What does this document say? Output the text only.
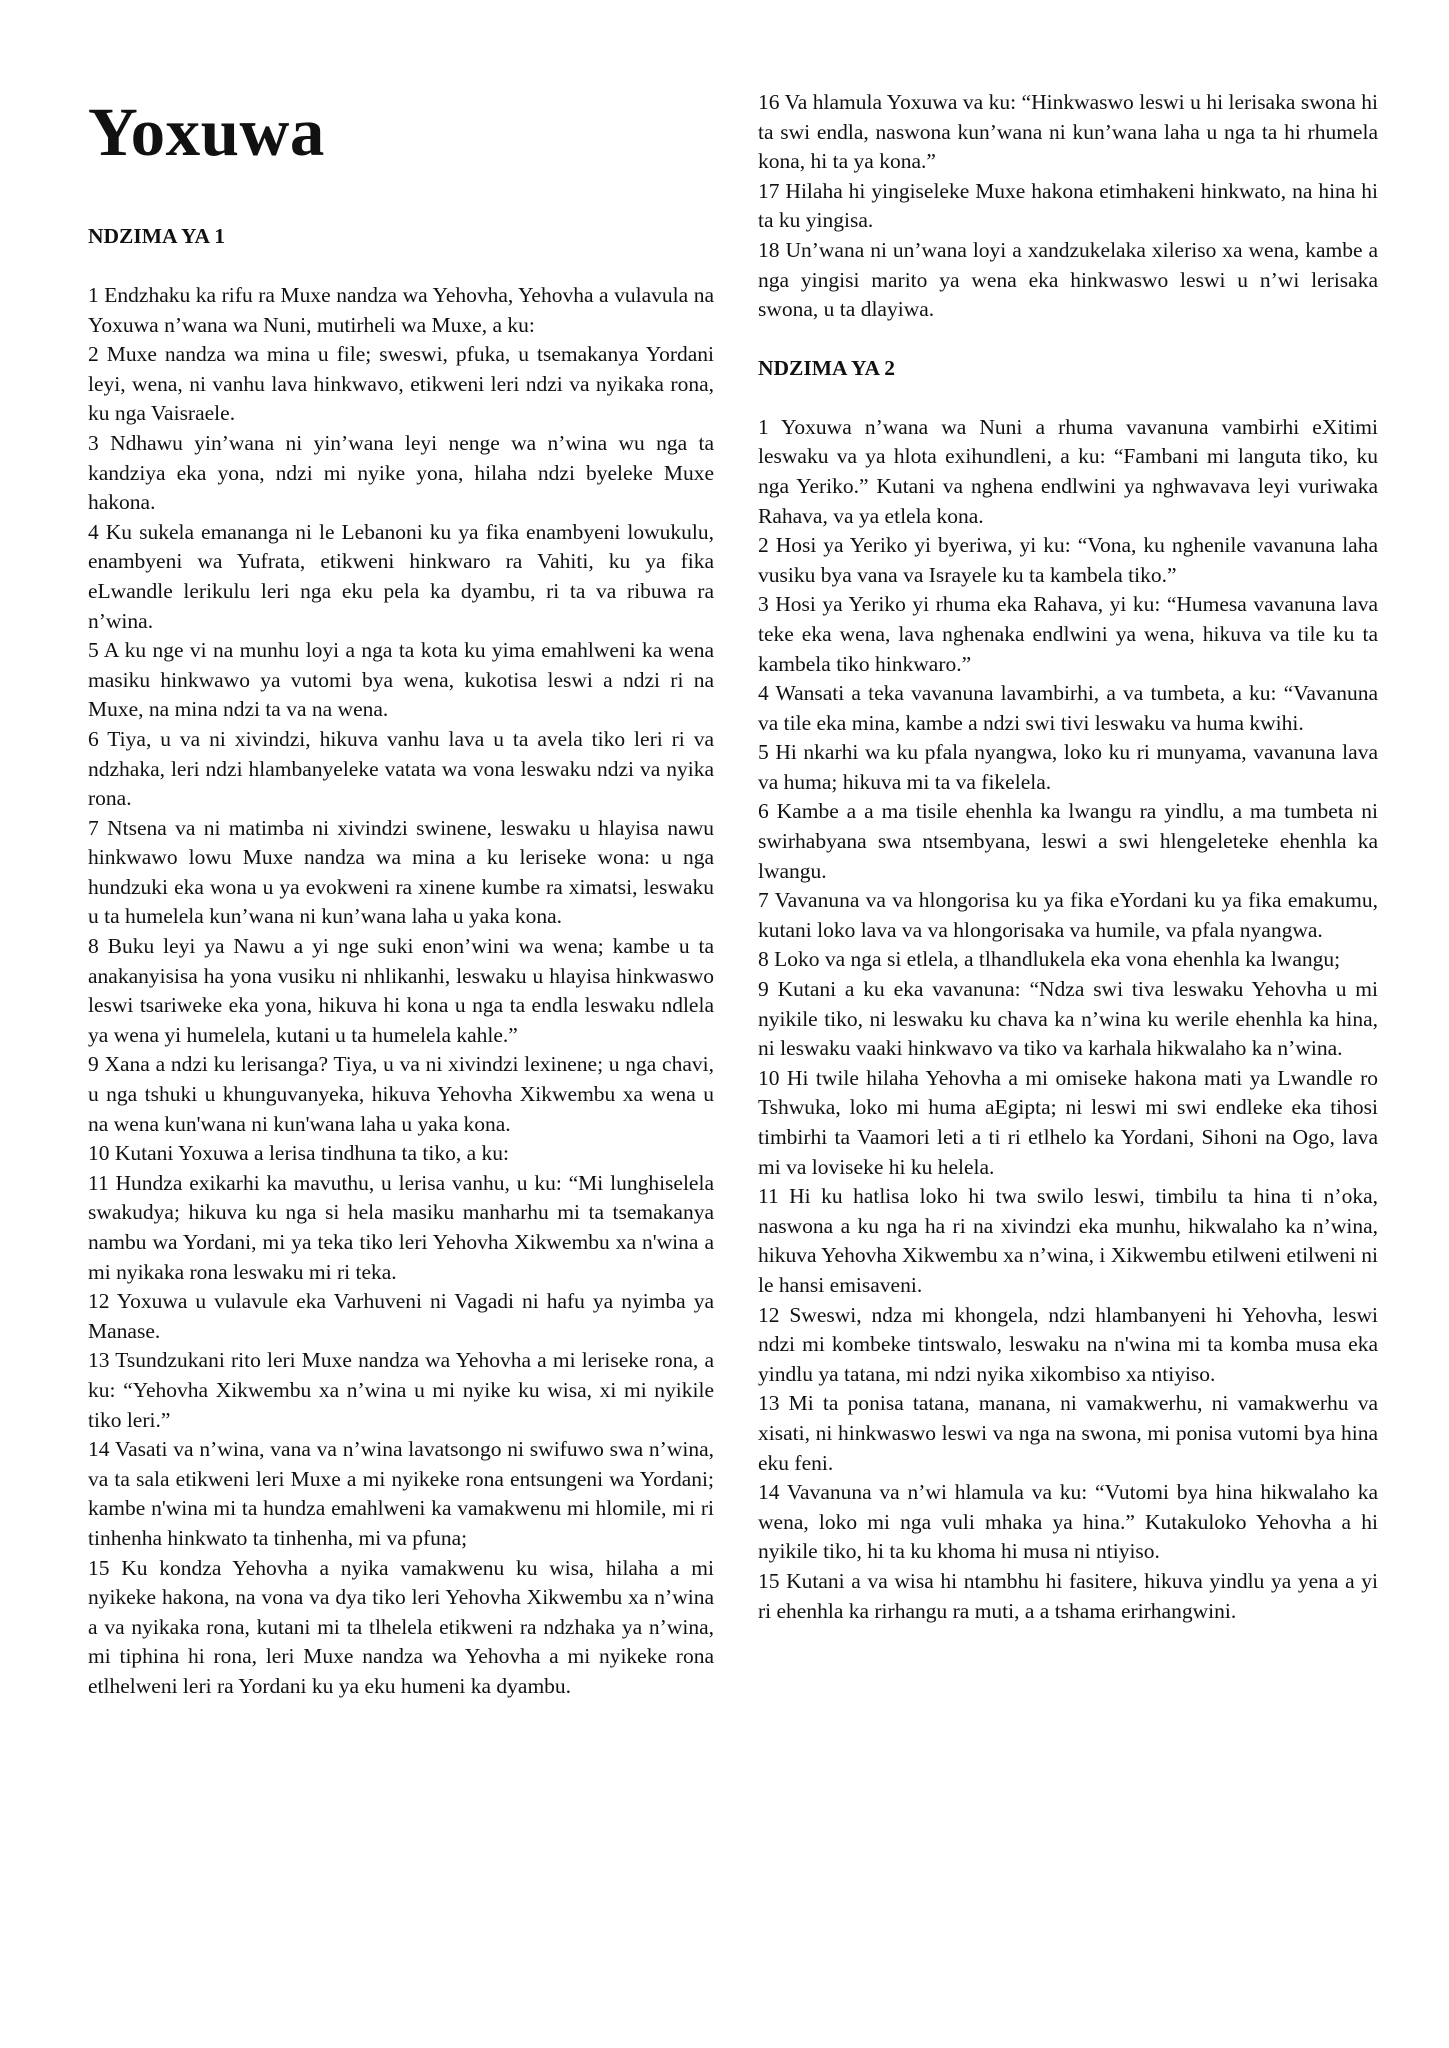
Yoxuwa
NDZIMA YA 1

1 Endzhaku ka rifu ra Muxe nandza wa Yehovha, Yehovha a vulavula na Yoxuwa n’wana wa Nuni, mutirheli wa Muxe, a ku:

2 Muxe nandza wa mina u file; sweswi, pfuka, u tsemakanya Yordani leyi, wena, ni vanhu lava hinkwavo, etikweni leri ndzi va nyikaka rona, ku nga Vaisraele.

3 Ndhawu yin’wana ni yin’wana leyi nenge wa n’wina wu nga ta kandziya eka yona, ndzi mi nyike yona, hilaha ndzi byeleke Muxe hakona.

4 Ku sukela emananga ni le Lebanoni ku ya fika enambyeni lowukulu, enambyeni wa Yufrata, etikweni hinkwaro ra Vahiti, ku ya fika eLwandle lerikulu leri nga eku pela ka dyambu, ri ta va ribuwa ra n’wina.

5 A ku nge vi na munhu loyi a nga ta kota ku yima emahlweni ka wena masiku hinkwawo ya vutomi bya wena, kukotisa leswi a ndzi ri na Muxe, na mina ndzi ta va na wena.

6 Tiya, u va ni xivindzi, hikuva vanhu lava u ta avela tiko leri ri va ndzhaka, leri ndzi hlambanyeleke vatata wa vona leswaku ndzi va nyika rona.

7 Ntsena va ni matimba ni xivindzi swinene, leswaku u hlayisa nawu hinkwawo lowu Muxe nandza wa mina a ku leriseke wona: u nga hundzuki eka wona u ya evokweni ra xinene kumbe ra ximatsi, leswaku u ta humelela kun’wana ni kun’wana laha u yaka kona.

8 Buku leyi ya Nawu a yi nge suki enon’wini wa wena; kambe u ta anakanyisisa ha yona vusiku ni nhlikanhi, leswaku u hlayisa hinkwaswo leswi tsariweke eka yona, hikuva hi kona u nga ta endla leswaku ndlela ya wena yi humelela, kutani u ta humelela kahle.”

9 Xana a ndzi ku lerisanga? Tiya, u va ni xivindzi lexinene; u nga chavi, u nga tshuki u khunguvanyeka, hikuva Yehovha Xikwembu xa wena u na wena kun'wana ni kun'wana laha u yaka kona.

10 Kutani Yoxuwa a lerisa tindhuna ta tiko, a ku:

11 Hundza exikarhi ka mavuthu, u lerisa vanhu, u ku: “Mi lunghiselela swakudya; hikuva ku nga si hela masiku manharhu mi ta tsemakanya nambu wa Yordani, mi ya teka tiko leri Yehovha Xikwembu xa n'wina a mi nyikaka rona leswaku mi ri teka.

12 Yoxuwa u vulavule eka Varhuveni ni Vagadi ni hafu ya nyimba ya Manase.

13 Tsundzukani rito leri Muxe nandza wa Yehovha a mi leriseke rona, a ku: “Yehovha Xikwembu xa n’wina u mi nyike ku wisa, xi mi nyikile tiko leri.”

14 Vasati va n’wina, vana va n’wina lavatsongo ni swifuwo swa n’wina, va ta sala etikweni leri Muxe a mi nyikeke rona entsungeni wa Yordani; kambe n'wina mi ta hundza emahlweni ka vamakwenu mi hlomile, mi ri tinhenha hinkwato ta tinhenha, mi va pfuna;

15 Ku kondza Yehovha a nyika vamakwenu ku wisa, hilaha a mi nyikeke hakona, na vona va dya tiko leri Yehovha Xikwembu xa n’wina a va nyikaka rona, kutani mi ta tlhelela etikweni ra ndzhaka ya n’wina, mi tiphina hi rona, leri Muxe nandza wa Yehovha a mi nyikeke rona etlhelweni leri ra Yordani ku ya eku humeni ka dyambu.

16 Va hlamula Yoxuwa va ku: “Hinkwaswo leswi u hi lerisaka swona hi ta swi endla, naswona kun’wana ni kun’wana laha u nga ta hi rhumela kona, hi ta ya kona.”

17 Hilaha hi yingiseleke Muxe hakona etimhakeni hinkwato, na hina hi ta ku yingisa.

18 Un’wana ni un’wana loyi a xandzukelaka xileriso xa wena, kambe a nga yingisi marito ya wena eka hinkwaswo leswi u n’wi lerisaka swona, u ta dlayiwa.

NDZIMA YA 2

1 Yoxuwa n’wana wa Nuni a rhuma vavanuna vambirhi eXitimi leswaku va ya hlota exihundleni, a ku: “Fambani mi languta tiko, ku nga Yeriko.” Kutani va nghena endlwini ya nghwavava leyi vuriwaka Rahava, va ya etlela kona.

2 Hosi ya Yeriko yi byeriwa, yi ku: “Vona, ku nghenile vavanuna laha vusiku bya vana va Israyele ku ta kambela tiko.”

3 Hosi ya Yeriko yi rhuma eka Rahava, yi ku: “Humesa vavanuna lava teke eka wena, lava nghenaka endlwini ya wena, hikuva va tile ku ta kambela tiko hinkwaro.”

4 Wansati a teka vavanuna lavambirhi, a va tumbeta, a ku: “Vavanuna va tile eka mina, kambe a ndzi swi tivi leswaku va huma kwihi.

5 Hi nkarhi wa ku pfala nyangwa, loko ku ri munyama, vavanuna lava va huma; hikuva mi ta va fikelela.

6 Kambe a a ma tisile ehenhla ka lwangu ra yindlu, a ma tumbeta ni swirhabyana swa ntsembyana, leswi a swi hlengeleteke ehenhla ka lwangu.

7 Vavanuna va va hlongorisa ku ya fika eYordani ku ya fika emakumu, kutani loko lava va va hlongorisaka va humile, va pfala nyangwa.

8 Loko va nga si etlela, a tlhandlukela eka vona ehenhla ka lwangu;

9 Kutani a ku eka vavanuna: “Ndza swi tiva leswaku Yehovha u mi nyikile tiko, ni leswaku ku chava ka n’wina ku werile ehenhla ka hina, ni leswaku vaaki hinkwavo va tiko va karhala hikwalaho ka n’wina.

10 Hi twile hilaha Yehovha a mi omiseke hakona mati ya Lwandle ro Tshwuka, loko mi huma aEgipta; ni leswi mi swi endleke eka tihosi timbirhi ta Vaamori leti a ti ri etlhelo ka Yordani, Sihoni na Ogo, lava mi va loviseke hi ku helela.

11 Hi ku hatlisa loko hi twa swilo leswi, timbilu ta hina ti n’oka, naswona a ku nga ha ri na xivindzi eka munhu, hikwalaho ka n’wina, hikuva Yehovha Xikwembu xa n’wina, i Xikwembu etilweni etilweni ni le hansi emisaveni.

12 Sweswi, ndza mi khongela, ndzi hlambanyeni hi Yehovha, leswi ndzi mi kombeke tintswalo, leswaku na n'wina mi ta komba musa eka yindlu ya tatana, mi ndzi nyika xikombiso xa ntiyiso.

13 Mi ta ponisa tatana, manana, ni vamakwerhu, ni vamakwerhu va xisati, ni hinkwaswo leswi va nga na swona, mi ponisa vutomi bya hina eku feni.

14 Vavanuna va n’wi hlamula va ku: “Vutomi bya hina hikwalaho ka wena, loko mi nga vuli mhaka ya hina.” Kutakuloko Yehovha a hi nyikile tiko, hi ta ku khoma hi musa ni ntiyiso.

15 Kutani a va wisa hi ntambhu hi fasitere, hikuva yindlu ya yena a yi ri ehenhla ka rirhangu ra muti, a a tshama erirhangwini.
